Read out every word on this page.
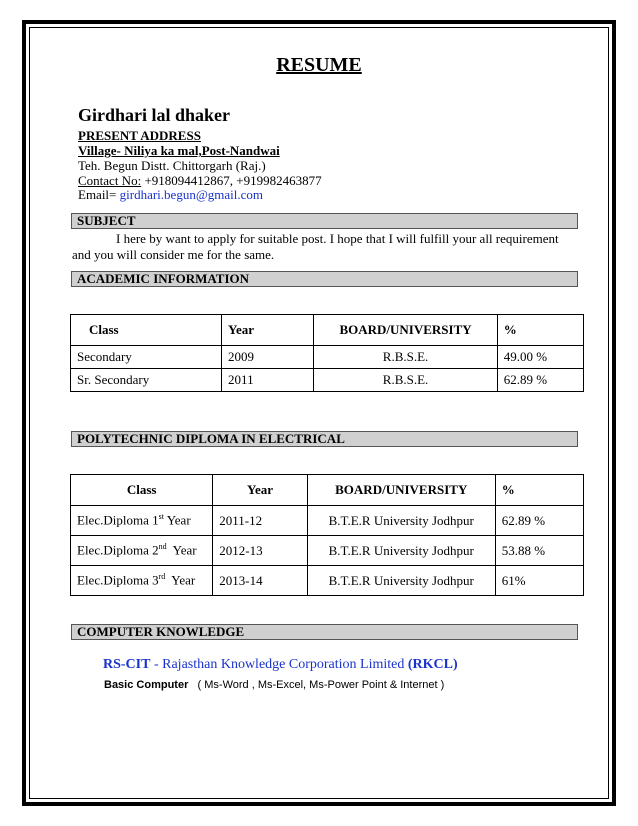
RESUME
Girdhari lal dhaker
PRESENT ADDRESS
Village- Niliya ka mal,Post-Nandwai
Teh. Begun Distt. Chittorgarh (Raj.)
Contact No: +918094412867, +919982463877
Email= girdhari.begun@gmail.com
SUBJECT
I here by want to apply for suitable post. I hope that I will fulfill your all requirement
and you will consider me for the same.
ACADEMIC INFORMATION
Class	Year	BOARD/UNIVERSITY	%
Secondary	2009	R.B.S.E.	49.00 %
Sr. Secondary	2011	R.B.S.E.	62.89 %
POLYTECHNIC DIPLOMA IN ELECTRICAL
Class	Year	BOARD/UNIVERSITY	%
Elec.Diploma 1st Year	2011-12	B.T.E.R University Jodhpur	62.89 %
Elec.Diploma 2nd  Year	2012-13	B.T.E.R University Jodhpur	53.88 %
Elec.Diploma 3rd  Year	2013-14	B.T.E.R University Jodhpur	61%
COMPUTER KNOWLEDGE
RS-CIT - Rajasthan Knowledge Corporation Limited (RKCL)
Basic Computer   ( Ms-Word , Ms-Excel, Ms-Power Point & Internet )
